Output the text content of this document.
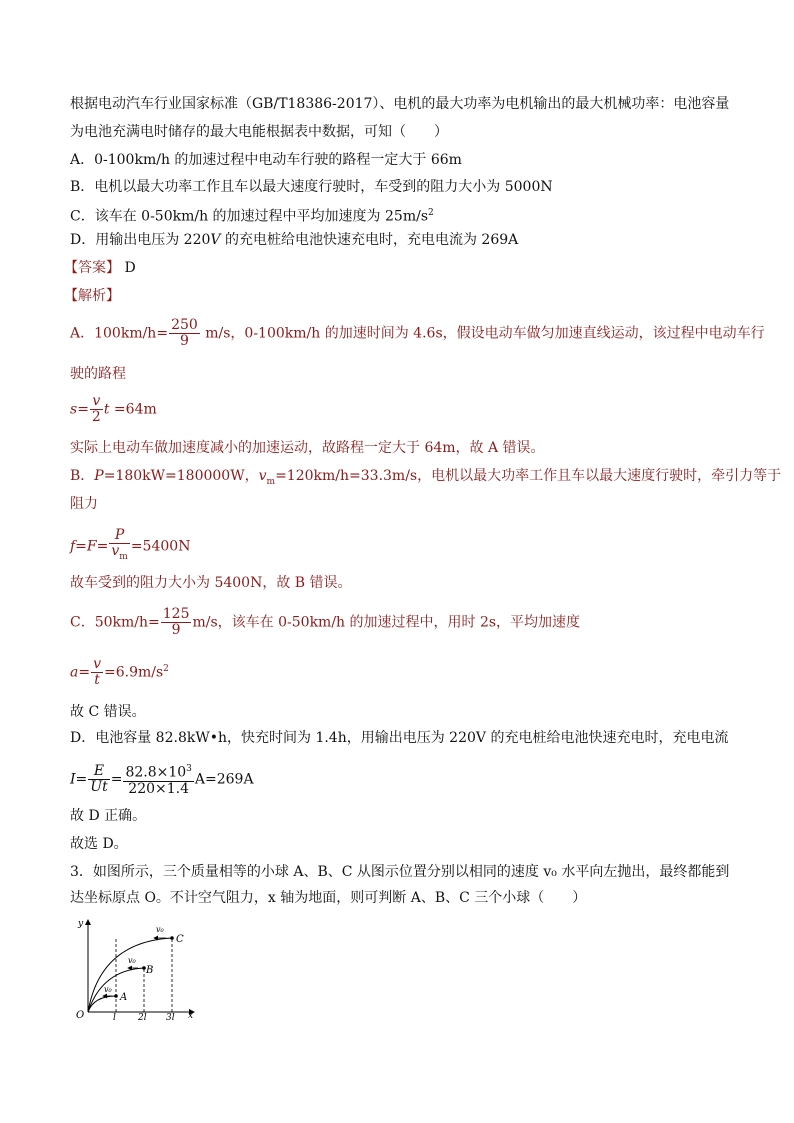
根据电动汽车行业国家标准（GB/T18386-2017）、电机的最大功率为电机输出的最大机械功率：电池容量
为电池充满电时储存的最大电能根据表中数据，可知（　　）
A．0-100km/h 的加速过程中电动车行驶的路程一定大于 66m
B．电机以最大功率工作且车以最大速度行驶时，车受到的阻力大小为 5000N
C．该车在 0-50km/h 的加速过程中平均加速度为 $25m/s^2$
D．用输出电压为 220V 的充电桩给电池快速充电时，充电电流为 269A
【答案】 D
【解析】
A．$100km/h= \frac{250}{9} m/s$，0-100km/h 的加速时间为 4.6s，假设电动车做匀加速直线运动，该过程中电动车行
驶的路程
$s= \frac{v}{2}$ t =64m
实际上电动车做加速度减小的加速运动，故路程一定大于 64m，故 A 错误。
B．P=180kW=180000W，$v_m=120km/h=33.3m/s$，电机以最大功率工作且车以最大速度行驶时，牵引力等于
阻力
$f=F= \frac{P}{v_m} =5400N$
故车受到的阻力大小为 5400N，故 B 错误。
C．$50km/h= \frac{125}{9} m/s$，该车在 0-50km/h 的加速过程中，用时 2s，平均加速度
$a= \frac{v}{t} =6.9m/s^2$
故 C 错误。
D．电池容量 82.8kW•h，快充时间为 1.4h，用输出电压为 220V 的充电桩给电池快速充电时，充电电流
$I= \frac{E}{Ut} = \frac{82.8\times 10^3}{220\times 1.4} A=269A$
故 D 正确。
故选 D。
3．如图所示，三个质量相等的小球 A、B、C 从图示位置分别以相同的速度 v₀ 水平向左抛出，最终都能到
达坐标原点 O。不计空气阻力，x 轴为地面，则可判断 A、B、C 三个小球（　　）
y
x
O	l 2l 3l
C
B
A
v₀
v₀
v₀
